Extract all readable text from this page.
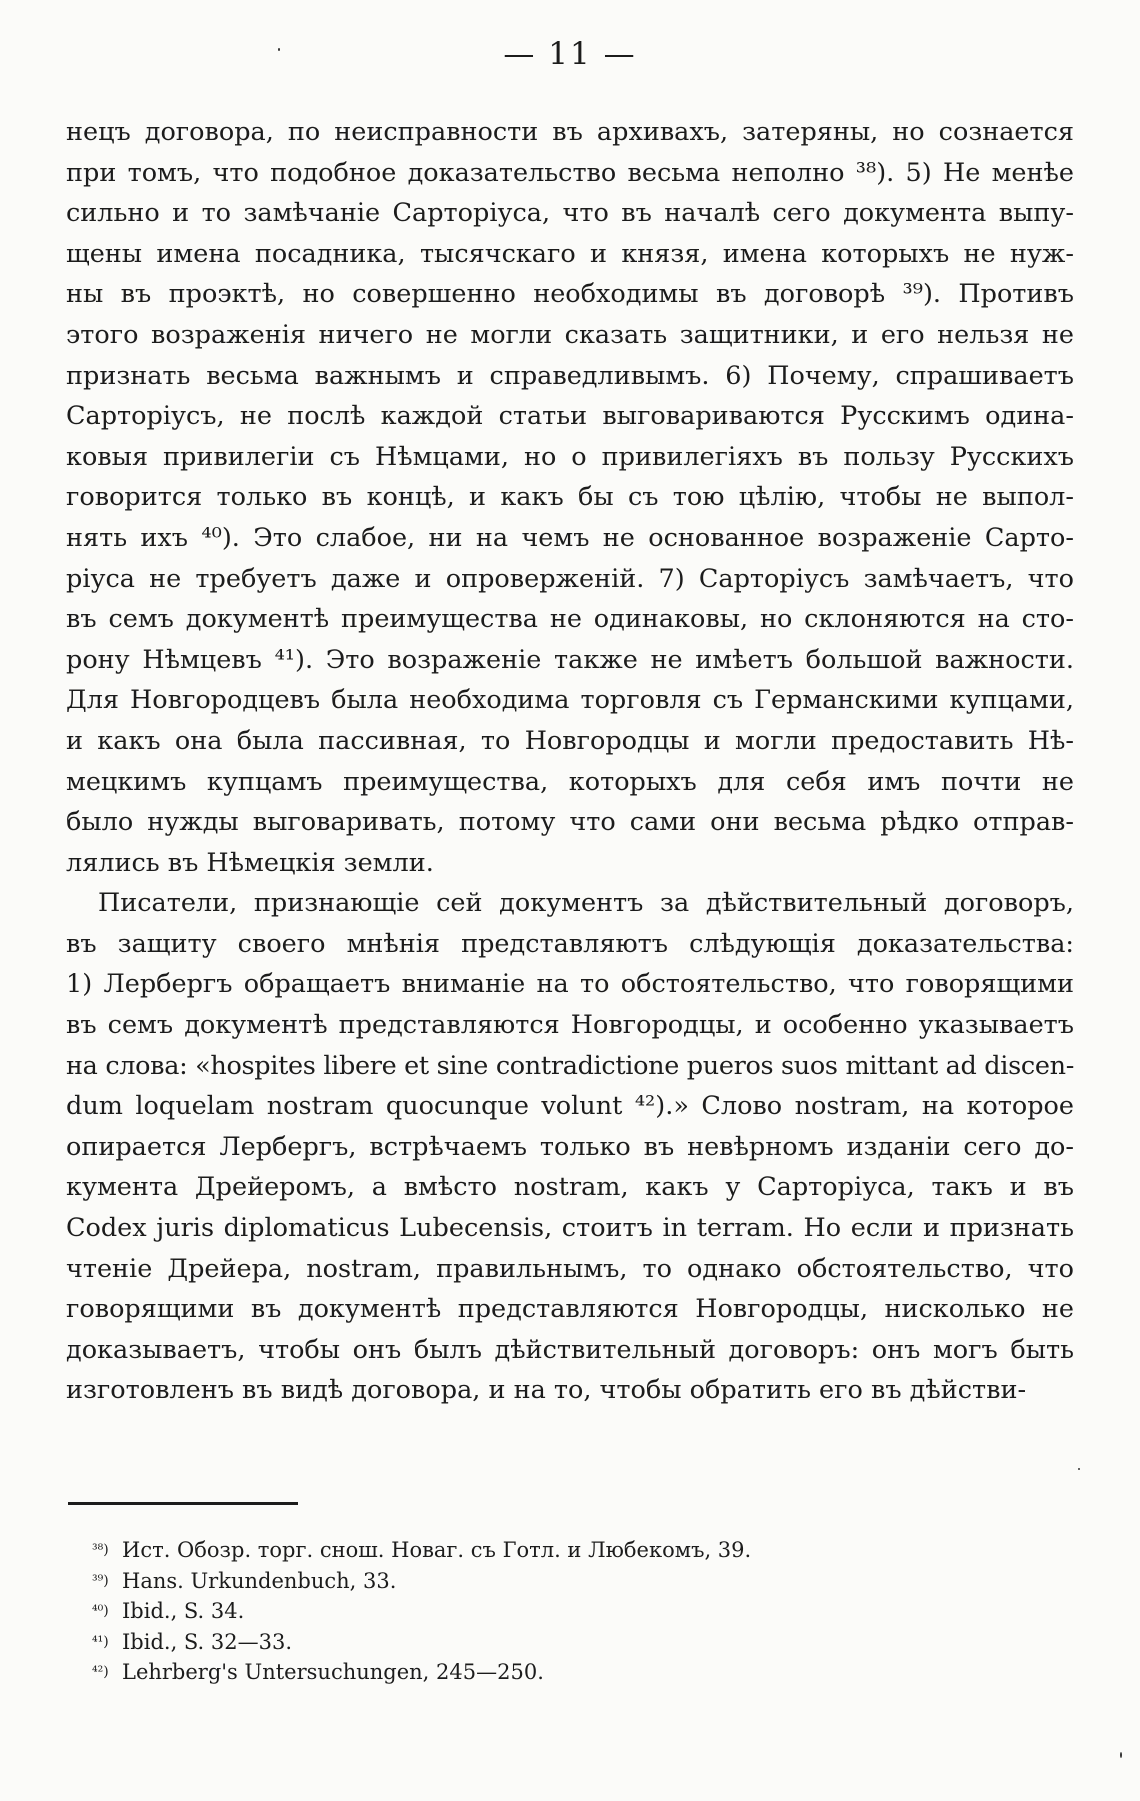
— 11 —
нецъ договора, по неисправности въ архивахъ, затеряны, но сознается
при томъ, что подобное доказательство весьма неполно ³⁸). 5) Не менѣе
сильно и то замѣчаніе Сарторіуса, что въ началѣ сего документа выпу-
щены имена посадника, тысячскаго и князя, имена которыхъ не нуж-
ны въ проэктѣ, но совершенно необходимы въ договорѣ ³⁹). Противъ
этого возраженія ничего не могли сказать защитники, и его нельзя не
признать весьма важнымъ и справедливымъ. 6) Почему, спрашиваетъ
Сарторіусъ, не послѣ каждой статьи выговариваются Русскимъ одина-
ковыя привилегіи съ Нѣмцами, но о привилегіяхъ въ пользу Русскихъ
говорится только въ концѣ, и какъ бы съ тою цѣлію, чтобы не выпол-
нять ихъ ⁴⁰). Это слабое, ни на чемъ не основанное возраженіе Сарто-
ріуса не требуетъ даже и опроверженій. 7) Сарторіусъ замѣчаетъ, что
въ семъ документѣ преимущества не одинаковы, но склоняются на сто-
рону Нѣмцевъ ⁴¹). Это возраженіе также не имѣетъ большой важности.
Для Новгородцевъ была необходима торговля съ Германскими купцами,
и какъ она была пассивная, то Новгородцы и могли предоставить Нѣ-
мецкимъ купцамъ преимущества, которыхъ для себя имъ почти не
было нужды выговаривать, потому что сами они весьма рѣдко отправ-
лялись въ Нѣмецкія земли.
Писатели, признающіе сей документъ за дѣйствительный договоръ,
въ защиту своего мнѣнія представляютъ слѣдующія доказательства:
1) Лербергъ обращаетъ вниманіе на то обстоятельство, что говорящими
въ семъ документѣ представляются Новгородцы, и особенно указываетъ
на слова: «hospites libere et sine contradictione pueros suos mittant ad discen-
dum loquelam nostram quocunque volunt ⁴²).» Слово nostram, на которое
опирается Лербергъ, встрѣчаемъ только въ невѣрномъ изданіи сего до-
кумента Дрейеромъ, а вмѣсто nostram, какъ у Сарторіуса, такъ и въ
Codex juris diplomaticus Lubecensis, стоитъ in terram. Но если и признать
чтеніе Дрейера, nostram, правильнымъ, то однако обстоятельство, что
говорящими въ документѣ представляются Новгородцы, нисколько не
доказываетъ, чтобы онъ былъ дѣйствительный договоръ: онъ могъ быть
изготовленъ въ видѣ договора, и на то, чтобы обратить его въ дѣйстви-
³⁸) Ист. Обозр. торг. снош. Новаг. съ Готл. и Любекомъ, 39.
³⁹) Hans. Urkundenbuch, 33.
⁴⁰) Ibid., S. 34.
⁴¹) Ibid., S. 32—33.
⁴²) Lehrberg's Untersuchungen, 245—250.
